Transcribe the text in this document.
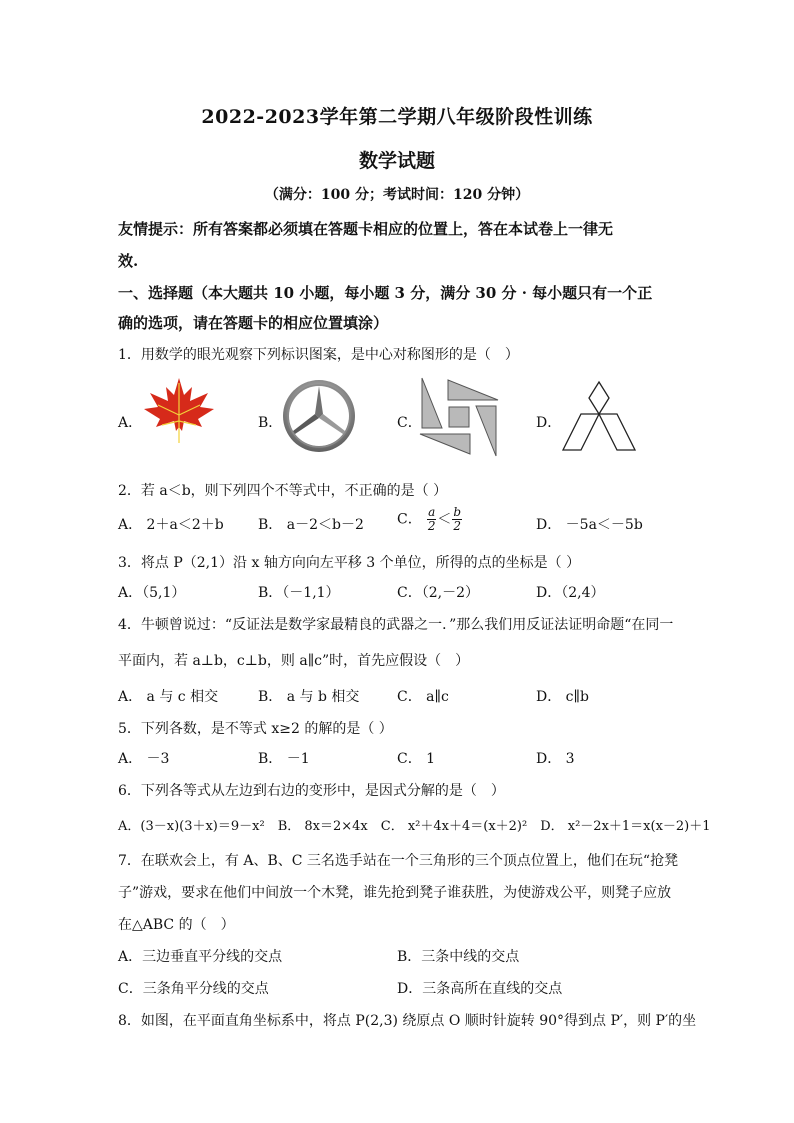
2022-2023学年第二学期八年级阶段性训练
数学试题
（满分：100 分；考试时间：120 分钟）
友情提示：所有答案都必须填在答题卡相应的位置上，答在本试卷上一律无
效.
一、选择题（本大题共 10 小题，每小题 3 分，满分 30 分 · 每小题只有一个正
确的选项，请在答题卡的相应位置填涂）
1．用数学的眼光观察下列标识图案，是中心对称图形的是（　）
A．	B．	C．	D．
2．若 a＜b，则下列四个不等式中，不正确的是（ ）
A． 2＋a＜2＋b B． a－2＜b－2 C． $\frac{a}{2} < \frac{b}{2}$	D． －5a＜－5b
3．将点 P（2,1）沿 x 轴方向向左平移 3 个单位，所得的点的坐标是（ ）
A．（5,1）	B．（－1,1）	C．（2,－2）	D．（2,4）
4．牛顿曾说过：“反证法是数学家最精良的武器之一．”那么我们用反证法证明命题“在同一
平面内，若 a⊥b，c⊥b，则 a∥c”时，首先应假设（　）
A． a 与 c 相交	B． a 与 b 相交	C． a∥c	D． c∥b
5．下列各数，是不等式 x≥2 的解的是（ ）
A． －3	B． －1	C． 1	D． 3
6．下列各等式从左边到右边的变形中，是因式分解的是（　）
A．(3－x)(3＋x)＝9－x²　B． 8x＝2×4x　C． x²＋4x＋4＝(x＋2)²　D． x²－2x＋1＝x(x－2)＋1
7．在联欢会上，有 A、B、C 三名选手站在一个三角形的三个顶点位置上，他们在玩“抢凳
子”游戏，要求在他们中间放一个木凳，谁先抢到凳子谁获胜，为使游戏公平，则凳子应放
在△ABC 的（　）
A．三边垂直平分线的交点	B．三条中线的交点
C．三条角平分线的交点	D．三条高所在直线的交点
8．如图，在平面直角坐标系中，将点 P(2,3) 绕原点 O 顺时针旋转 90°得到点 P′，则 P′的坐
